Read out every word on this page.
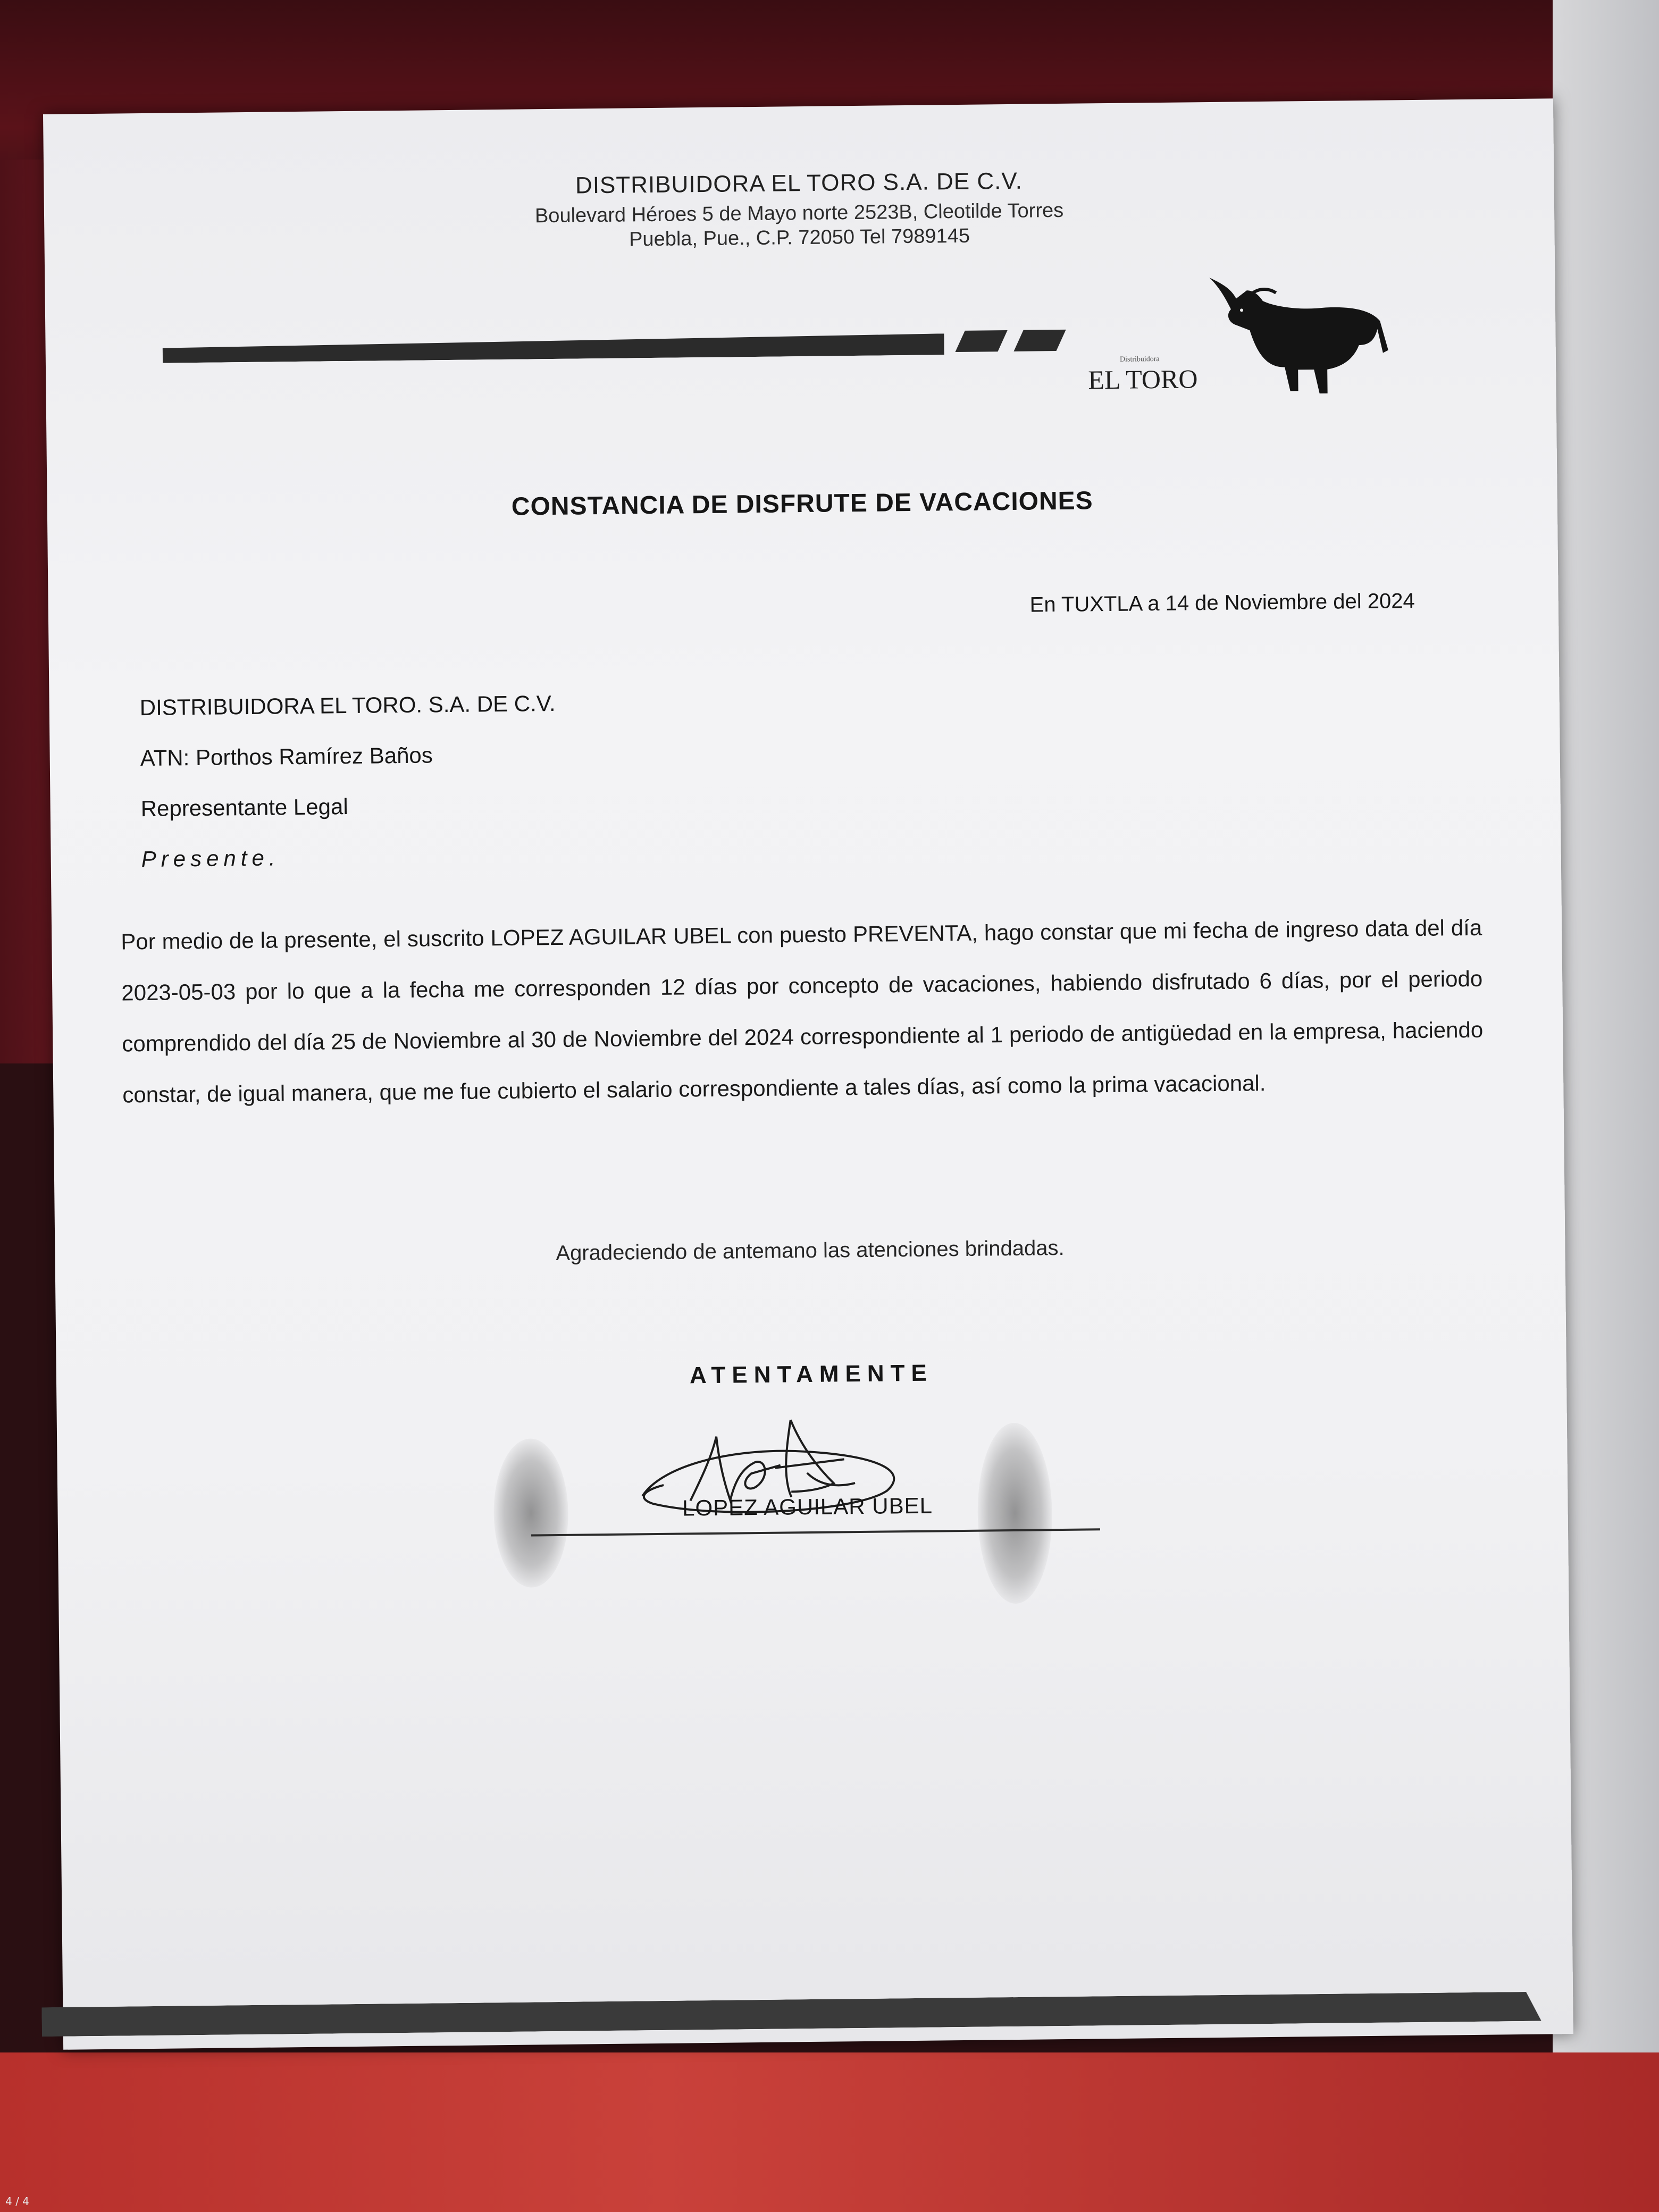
DISTRIBUIDORA EL TORO S.A. DE C.V.
Boulevard Héroes 5 de Mayo norte 2523B, Cleotilde Torres
Puebla, Pue., C.P. 72050 Tel 7989145
Distribuidora
EL TORO
CONSTANCIA DE DISFRUTE DE VACACIONES
En TUXTLA a 14 de Noviembre del 2024
DISTRIBUIDORA EL TORO. S.A. DE C.V.
ATN: Porthos Ramírez Baños
Representante Legal
Presente.
Por medio de la presente, el suscrito LOPEZ AGUILAR UBEL con puesto PREVENTA, hago constar que mi fecha de ingreso data del día 2023-05-03 por lo que a la fecha me corresponden 12 días por concepto de vacaciones, habiendo disfrutado 6 días, por el periodo comprendido del día 25 de Noviembre al 30 de Noviembre del 2024 correspondiente al 1 periodo de antigüedad en la empresa, haciendo constar, de igual manera, que me fue cubierto el salario correspondiente a tales días, así como la prima vacacional.
Agradeciendo de antemano las atenciones brindadas.
ATENTAMENTE
LOPEZ AGUILAR UBEL
4 / 4
